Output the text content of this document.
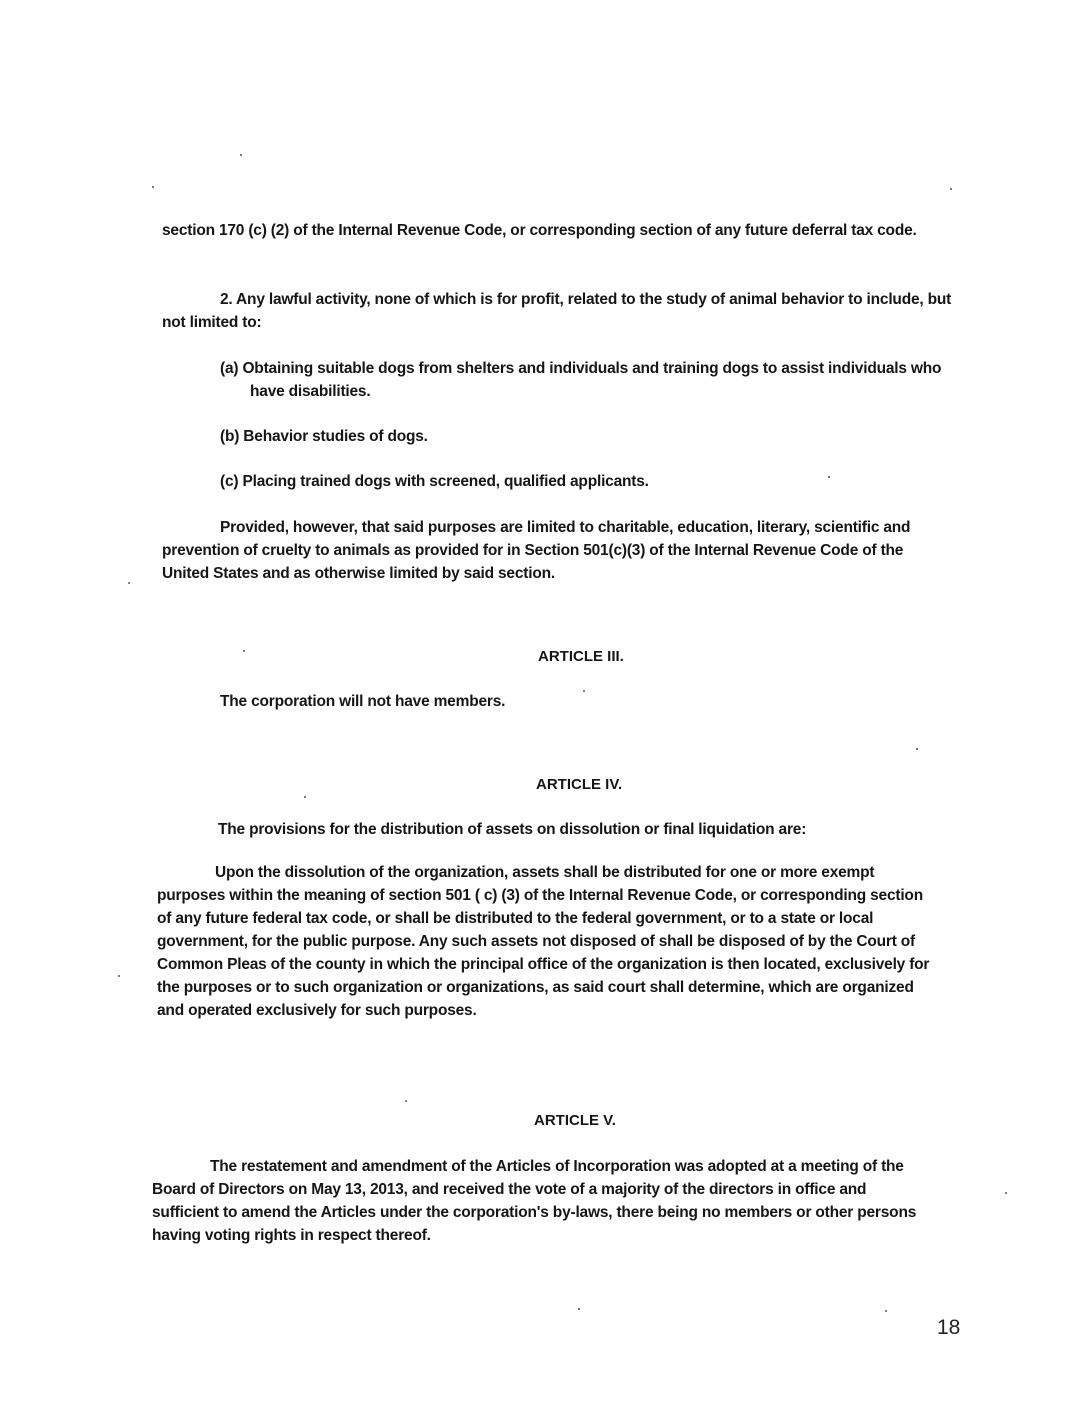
section 170 (c) (2) of the Internal Revenue Code, or corresponding section of any future deferral tax code.

2. Any lawful activity, none of which is for profit, related to the study of animal behavior to include, but not limited to:

(a) Obtaining suitable dogs from shelters and individuals and training dogs to assist individuals who have disabilities.

(b) Behavior studies of dogs.

(c) Placing trained dogs with screened, qualified applicants.

Provided, however, that said purposes are limited to charitable, education, literary, scientific and prevention of cruelty to animals as provided for in Section 501(c)(3) of the Internal Revenue Code of the United States and as otherwise limited by said section.

ARTICLE III.

The corporation will not have members.

ARTICLE IV.

The provisions for the distribution of assets on dissolution or final liquidation are:

Upon the dissolution of the organization, assets shall be distributed for one or more exempt purposes within the meaning of section 501 ( c) (3) of the Internal Revenue Code, or corresponding section of any future federal tax code, or shall be distributed to the federal government, or to a state or local government, for the public purpose. Any such assets not disposed of shall be disposed of by the Court of Common Pleas of the county in which the principal office of the organization is then located, exclusively for the purposes or to such organization or organizations, as said court shall determine, which are organized and operated exclusively for such purposes.

ARTICLE V.

The restatement and amendment of the Articles of Incorporation was adopted at a meeting of the Board of Directors on May 13, 2013, and received the vote of a majority of the directors in office and sufficient to amend the Articles under the corporation's by-laws, there being no members or other persons having voting rights in respect thereof.

18
